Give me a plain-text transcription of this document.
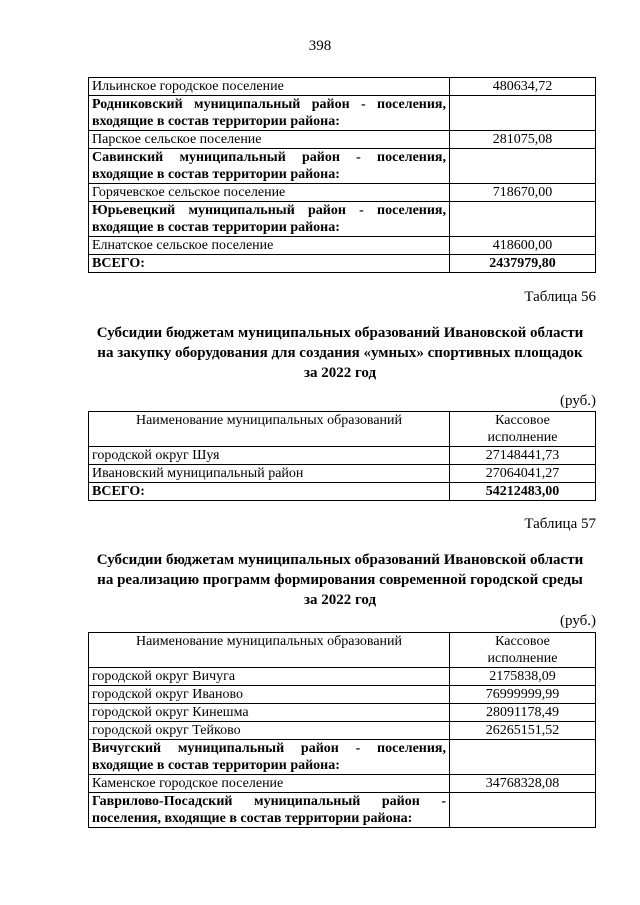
398
Ильинское городское поселение	480634,72
Родниковский муниципальный район - поселения, входящие в состав территории района:	
Парское сельское поселение	281075,08
Савинский муниципальный район - поселения, входящие в состав территории района:	
Горячевское сельское поселение	718670,00
Юрьевецкий муниципальный район - поселения, входящие в состав территории района:	
Елнатское сельское поселение	418600,00
ВСЕГО:	2437979,80
Таблица 56
Субсидии бюджетам муниципальных образований Ивановской области
на закупку оборудования для создания «умных» спортивных площадок
за 2022 год
(руб.)
Наименование муниципальных образований	Кассовое
исполнение

городской округ Шуя	27148441,73
Ивановский муниципальный район	27064041,27
ВСЕГО:	54212483,00
Таблица 57
Субсидии бюджетам муниципальных образований Ивановской области
на реализацию программ формирования современной городской среды
за 2022 год
(руб.)
Наименование муниципальных образований	Кассовое
исполнение

городской округ Вичуга	2175838,09
городской округ Иваново	76999999,99
городской округ Кинешма	28091178,49
городской округ Тейково	26265151,52
Вичугский муниципальный район - поселения, входящие в состав территории района:	
Каменское городское поселение	34768328,08
Гаврилово-Посадский муниципальный район - поселения, входящие в состав территории района:	
